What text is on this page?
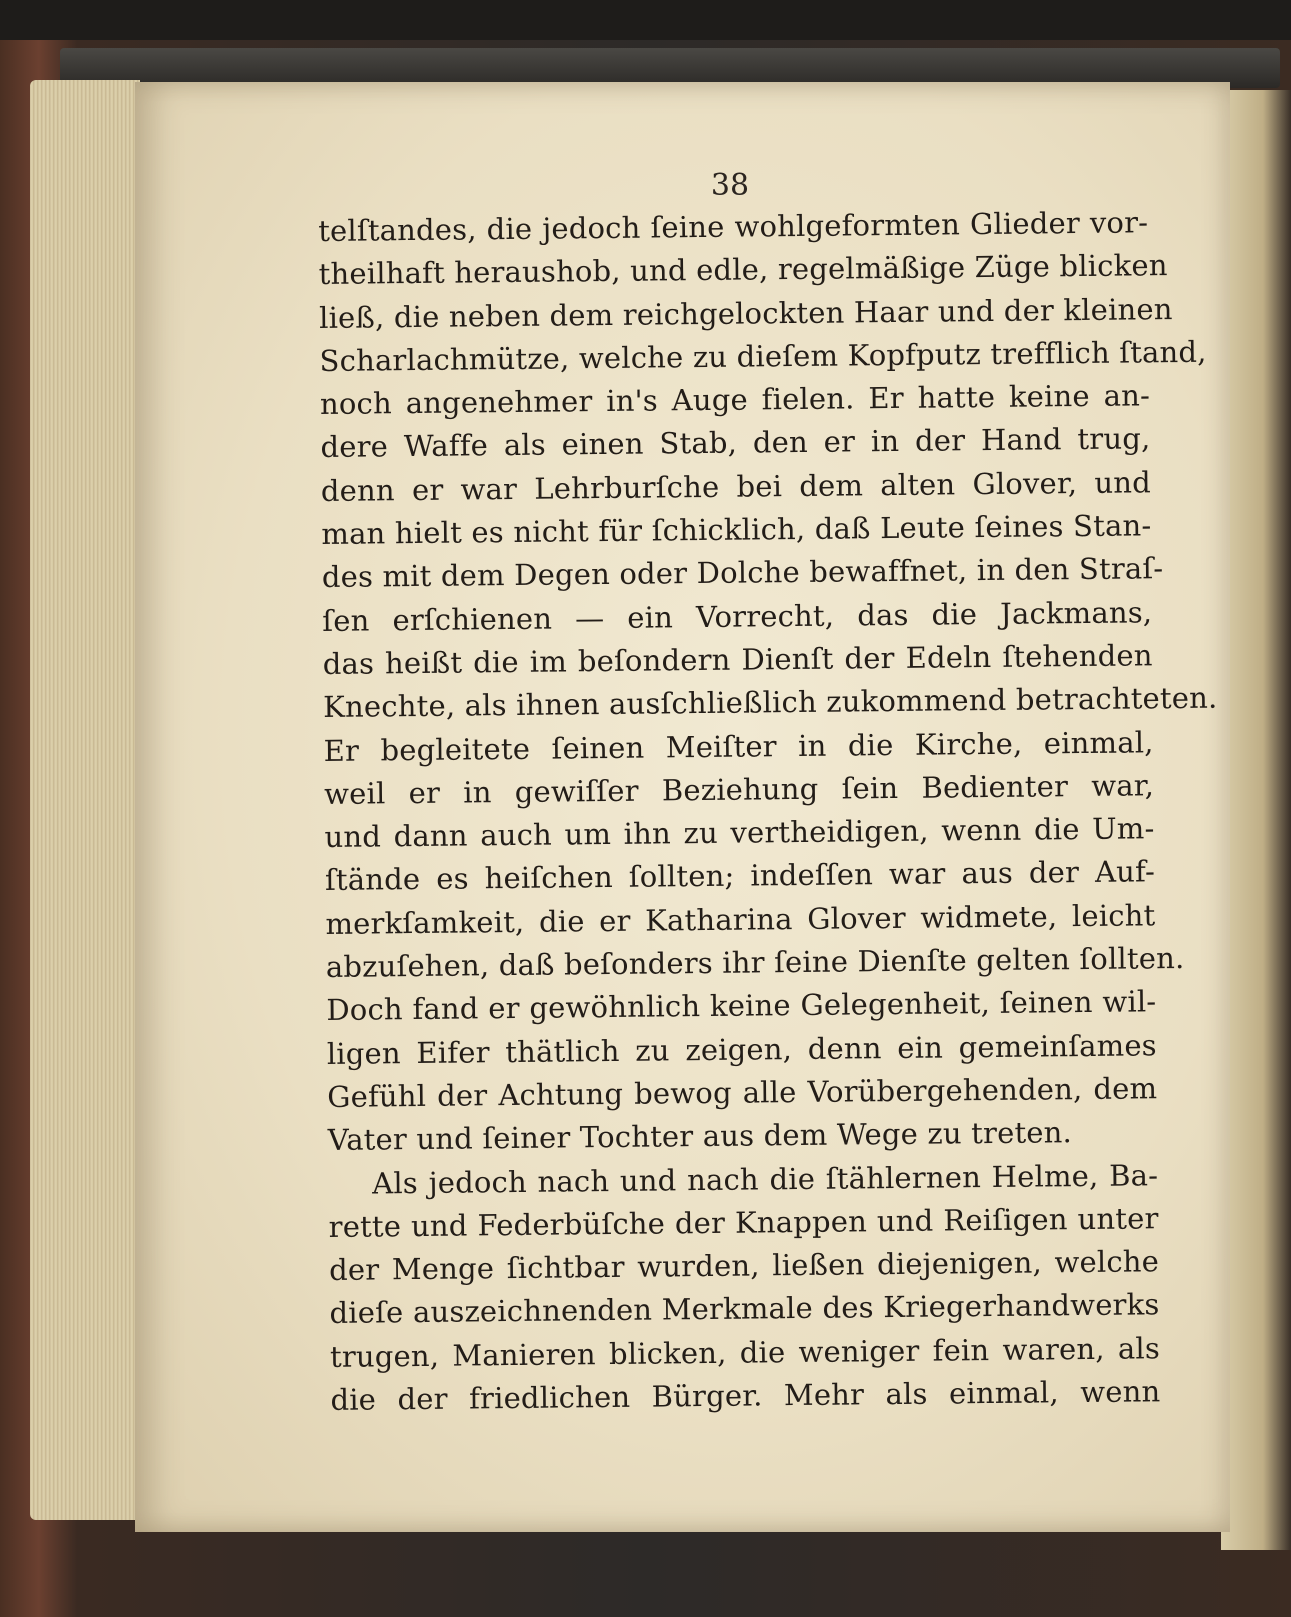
38
telſtandes, die jedoch ſeine wohlgeformten Glieder vor-
theilhaft heraushob, und edle, regelmäßige Züge blicken
ließ, die neben dem reichgelockten Haar und der kleinen
Scharlachmütze, welche zu dieſem Kopfputz trefflich ſtand,
noch angenehmer in's Auge fielen. Er hatte keine an-
dere Waffe als einen Stab, den er in der Hand trug,
denn er war Lehrburſche bei dem alten Glover, und
man hielt es nicht für ſchicklich, daß Leute ſeines Stan-
des mit dem Degen oder Dolche bewaffnet, in den Straſ-
ſen erſchienen — ein Vorrecht, das die Jackmans,
das heißt die im beſondern Dienſt der Edeln ſtehenden
Knechte, als ihnen ausſchließlich zukommend betrachteten.
Er begleitete ſeinen Meiſter in die Kirche, einmal,
weil er in gewiſſer Beziehung ſein Bedienter war,
und dann auch um ihn zu vertheidigen, wenn die Um-
ſtände es heiſchen ſollten; indeſſen war aus der Auf-
merkſamkeit, die er Katharina Glover widmete, leicht
abzuſehen, daß beſonders ihr ſeine Dienſte gelten ſollten.
Doch fand er gewöhnlich keine Gelegenheit, ſeinen wil-
ligen Eifer thätlich zu zeigen, denn ein gemeinſames
Gefühl der Achtung bewog alle Vorübergehenden, dem
Vater und ſeiner Tochter aus dem Wege zu treten.
Als jedoch nach und nach die ſtählernen Helme, Ba-
rette und Federbüſche der Knappen und Reiſigen unter
der Menge ſichtbar wurden, ließen diejenigen, welche
dieſe auszeichnenden Merkmale des Kriegerhandwerks
trugen, Manieren blicken, die weniger fein waren, als
die der friedlichen Bürger. Mehr als einmal, wenn
